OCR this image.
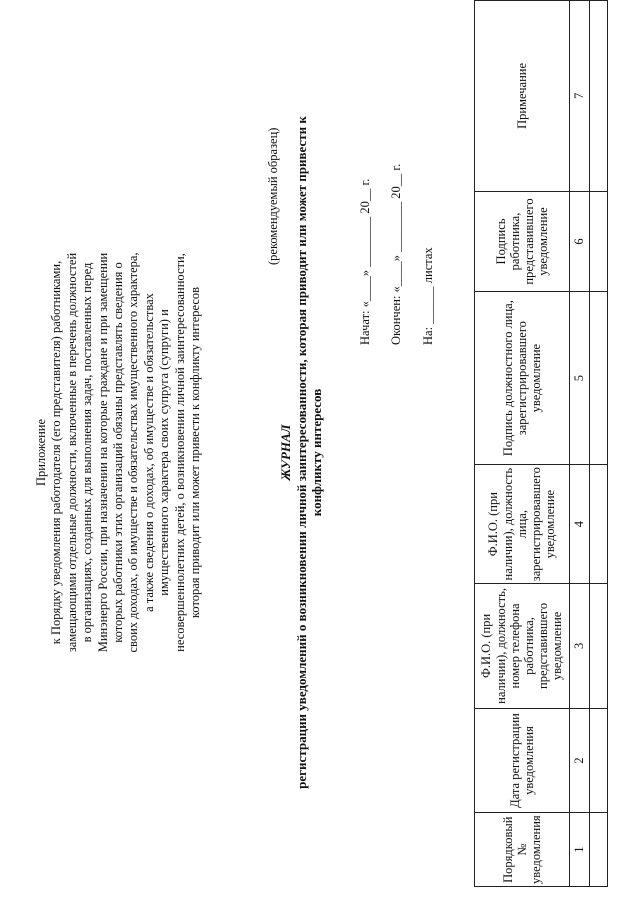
Приложение к Порядку уведомления работодателя (его представителя) работниками, замещающими отдельные должности, включенные в перечень должностей в организациях, созданных для выполнения задач, поставленных перед Минэнерго России, при назначении на которые граждане и при замещении которых работники этих организаций обязаны представлять сведения о своих доходах, об имуществе и обязательствах имущественного характера, а также сведения о доходах, об имуществе и обязательствах имущественного характера своих супруга (супруги) и несовершеннолетних детей, о возникновении личной заинтересованности, которая приводит или может привести к конфликту интересов
(рекомендуемый образец)
ЖУРНАЛ регистрации уведомлений о возникновении личной заинтересованности, которая приводит или может привести к конфликту интересов
Начат: «____» ________ 20__ г. Окончен: «____» ________ 20__ г. На: ______ листах
Порядковый № уведомления	Дата регистрации уведомления	Ф.И.О. (при наличии), должность, номер телефона работника, представившего уведомление	Ф.И.О. (при наличии), должность лица, зарегистрировавшего уведомление	Подпись должностного лица, зарегистрировавшего уведомление	Подпись работника, представившего уведомление	Примечание
1	2	3	4	5	6	7
